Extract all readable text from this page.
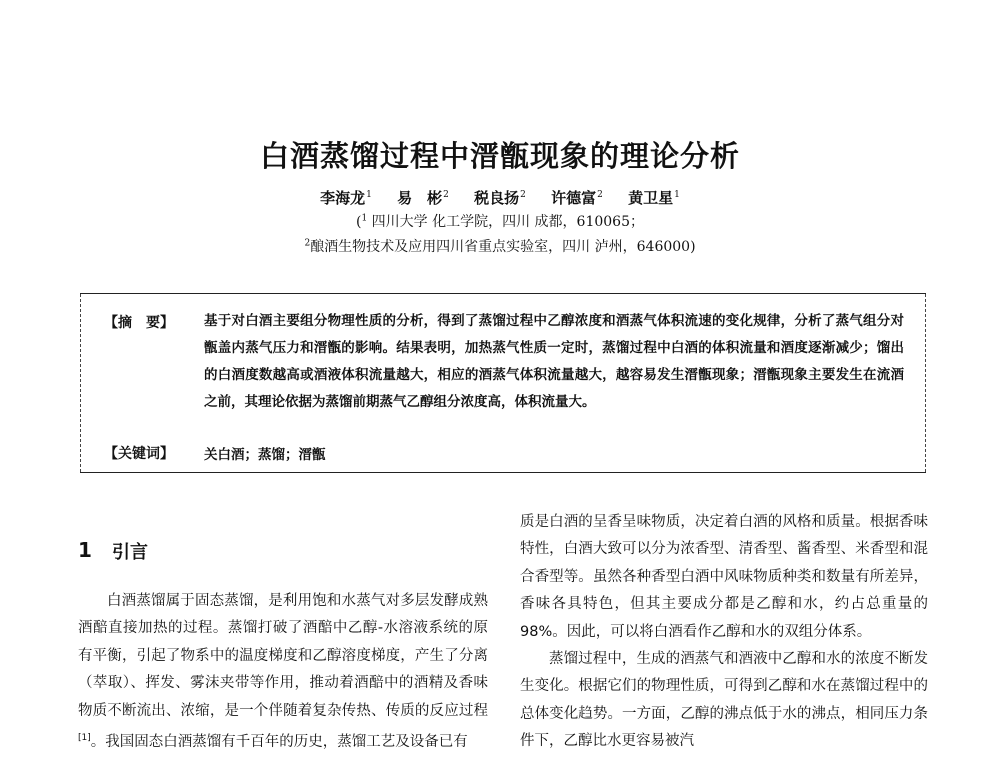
白酒蒸馏过程中溍甑现象的理论分析
李海龙$^1$ 易　彬$^2$ 税良扬$^2$ 许德富$^2$ 黄卫星$^1$
($^1$ 四川大学 化工学院，四川 成都，610065；
$^2$酿酒生物技术及应用四川省重点实验室，四川 泸州，646000)
【摘　要】 基于对白酒主要组分物理性质的分析，得到了蒸馏过程中乙醇浓度和酒蒸气体积流速的变化规律，分析了蒸气组分对甑盖内蒸气压力和溍甑的影响。结果表明，加热蒸气性质一定时，蒸馏过程中白酒的体积流量和酒度逐渐减少；馏出的白酒度数越高或酒液体积流量越大，相应的酒蒸气体积流量越大，越容易发生溍甑现象；溍甑现象主要发生在流酒之前，其理论依据为蒸馏前期蒸气乙醇组分浓度高，体积流量大。
【关键词】 关白酒；蒸馏；溍甑
1 引言

白酒蒸馏属于固态蒸馏，是利用饱和水蒸气对多层发酵成熟酒醅直接加热的过程。蒸馏打破了酒醅中乙醇-水溶液系统的原有平衡，引起了物系中的温度梯度和乙醇溶度梯度，产生了分离（萃取）、挥发、雾沫夹带等作用，推动着酒醅中的酒精及香味物质不断流出、浓缩，是一个伴随着复杂传热、传质的反应过程[1]。我国固态白酒蒸馏有千百年的历史，蒸馏工艺及设备已有

质是白酒的呈香呈味物质，决定着白酒的风格和质量。根据香味特性，白酒大致可以分为浓香型、清香型、酱香型、米香型和混合香型等。虽然各种香型白酒中风味物质种类和数量有所差异，香味各具特色，但其主要成分都是乙醇和水，约占总重量的98%。因此，可以将白酒看作乙醇和水的双组分体系。

蒸馏过程中，生成的酒蒸气和酒液中乙醇和水的浓度不断发生变化。根据它们的物理性质，可得到乙醇和水在蒸馏过程中的总体变化趋势。一方面，乙醇的沸点低于水的沸点，相同压力条件下，乙醇比水更容易被汽
